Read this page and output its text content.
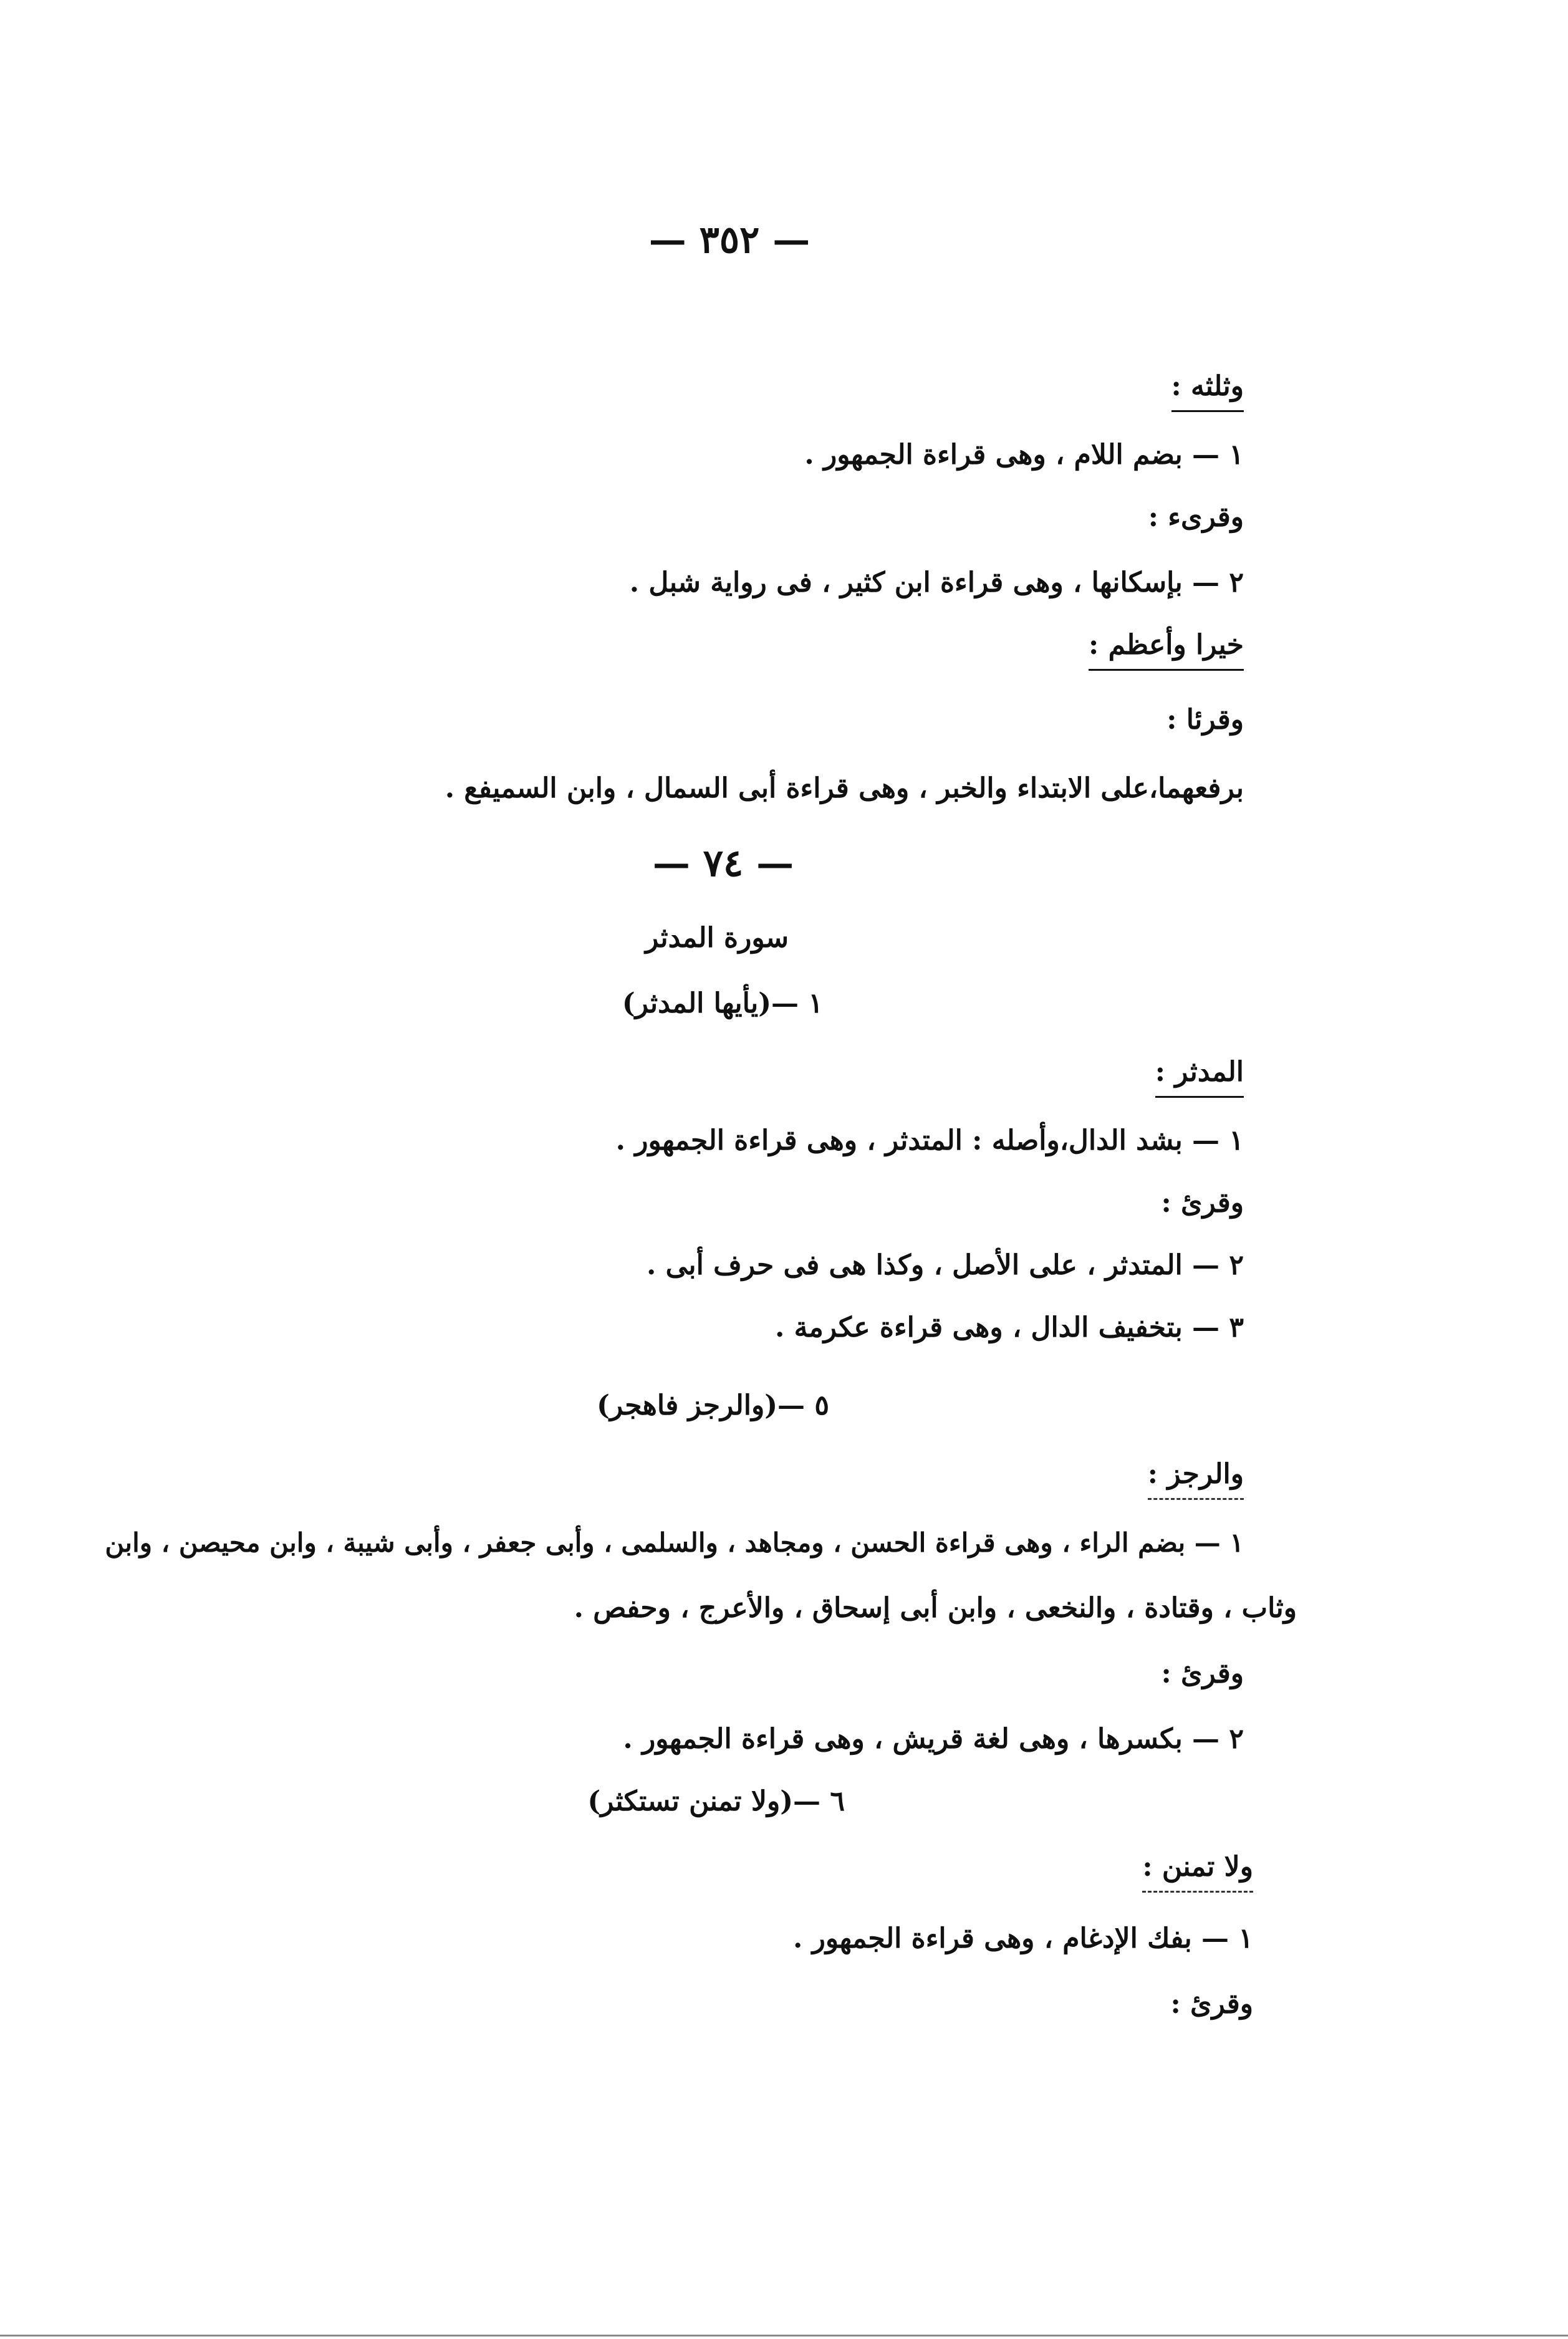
— ٣٥٢ —
وثلثه :
١ — بضم اللام ، وهى قراءة الجمهور .
وقرىء :
٢ — بإسكانها ، وهى قراءة ابن كثير ، فى رواية شبل .
خيرا وأعظم :
وقرئا :
برفعهما،على الابتداء والخبر ، وهى قراءة أبى السمال ، وابن السميفع .
— ٧٤ —
سورة المدثر
١ —(يأيها المدثر)
المدثر :
١ — بشد الدال،وأصله : المتدثر ، وهى قراءة الجمهور .
وقرئ :
٢ — المتدثر ، على الأصل ، وكذا هى فى حرف أبى .
٣ — بتخفيف الدال ، وهى قراءة عكرمة .
٥ —(والرجز فاهجر)
والرجز :
١ — بضم الراء ، وهى قراءة الحسن ، ومجاهد ، والسلمى ، وأبى جعفر ، وأبى شيبة ، وابن محيصن ، وابن
وثاب ، وقتادة ، والنخعى ، وابن أبى إسحاق ، والأعرج ، وحفص .
وقرئ :
٢ — بكسرها ، وهى لغة قريش ، وهى قراءة الجمهور .
٦ —(ولا تمنن تستكثر)
ولا تمنن :
١ — بفك الإدغام ، وهى قراءة الجمهور .
وقرئ :
